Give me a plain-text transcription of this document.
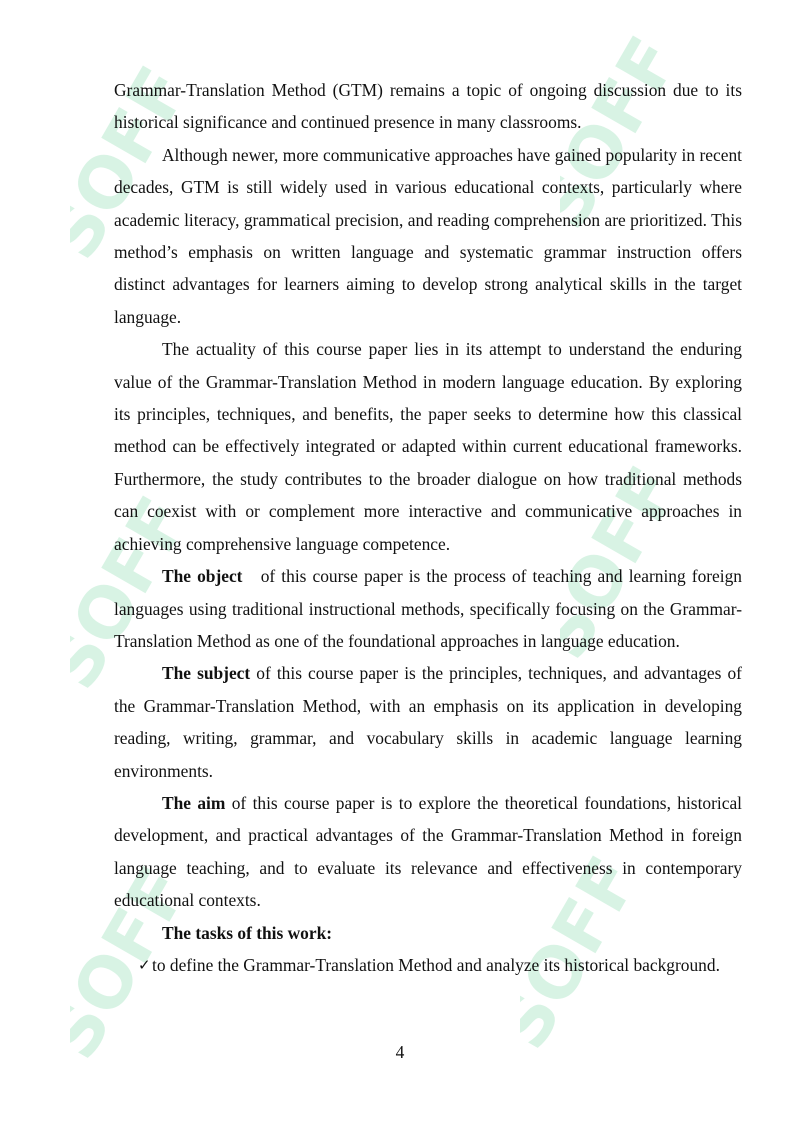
SOFF	SOFF
SOFF	SOFF
SOFF	SOFF

Grammar-Translation Method (GTM) remains a topic of ongoing discussion due to its historical significance and continued presence in many classrooms.

Although newer, more communicative approaches have gained popularity in recent decades, GTM is still widely used in various educational contexts, particularly where academic literacy, grammatical precision, and reading comprehension are prioritized. This method’s emphasis on written language and systematic grammar instruction offers distinct advantages for learners aiming to develop strong analytical skills in the target language.

The actuality of this course paper lies in its attempt to understand the enduring value of the Grammar-Translation Method in modern language education. By exploring its principles, techniques, and benefits, the paper seeks to determine how this classical method can be effectively integrated or adapted within current educational frameworks. Furthermore, the study contributes to the broader dialogue on how traditional methods can coexist with or complement more interactive and communicative approaches in achieving comprehensive language competence.

The object   of this course paper is the process of teaching and learning foreign languages using traditional instructional methods, specifically focusing on the Grammar-Translation Method as one of the foundational approaches in language education.

The subject of this course paper is the principles, techniques, and advantages of the Grammar-Translation Method, with an emphasis on its application in developing reading, writing, grammar, and vocabulary skills in academic language learning environments.

The aim of this course paper is to explore the theoretical foundations, historical development, and practical advantages of the Grammar-Translation Method in foreign language teaching, and to evaluate its relevance and effectiveness in contemporary educational contexts.

The tasks of this work:

✓ to define the Grammar-Translation Method and analyze its historical background.
4
